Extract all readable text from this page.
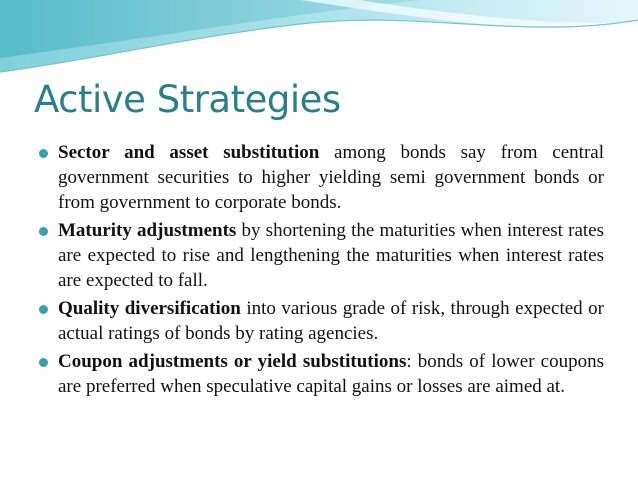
Active Strategies
Sector and asset substitution among bonds say from central government securities to higher yielding semi government bonds or from government to corporate bonds.
Maturity adjustments by shortening the maturities when interest rates are expected to rise and lengthening the maturities when interest rates are expected to fall.
Quality diversification into various grade of risk, through expected or actual ratings of bonds by rating agencies.
Coupon adjustments or yield substitutions: bonds of lower coupons are preferred when speculative capital gains or losses are aimed at.
